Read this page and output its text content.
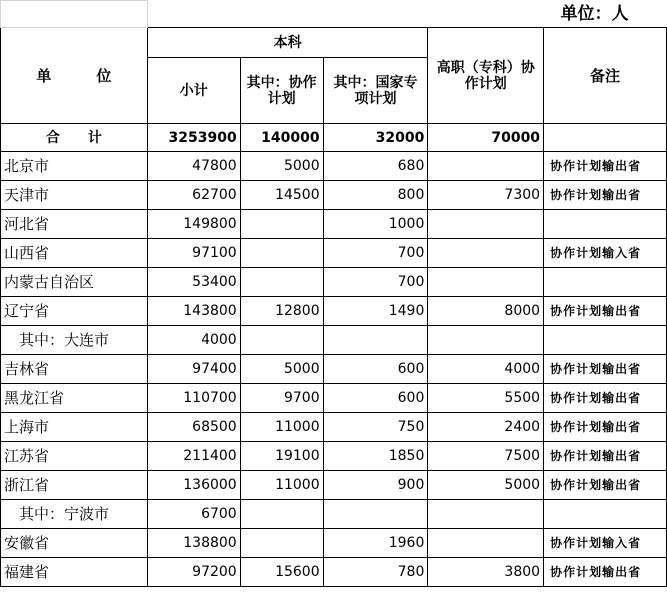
	单位：人				
单　　　位	本科			高职（专科）协作计划	备注
	小计	其中：协作计划	其中：国家专项计划		
合　　计	3253900	140000	32000	70000	
北京市	47800	5000	680		协作计划输出省
天津市	62700	14500	800	7300	协作计划输出省
河北省	149800		1000		
山西省	97100		700		协作计划输入省
内蒙古自治区	53400		700		
辽宁省	143800	12800	1490	8000	协作计划输出省
　其中：大连市	4000				
吉林省	97400	5000	600	4000	协作计划输出省
黑龙江省	110700	9700	600	5500	协作计划输出省
上海市	68500	11000	750	2400	协作计划输出省
江苏省	211400	19100	1850	7500	协作计划输出省
浙江省	136000	11000	900	5000	协作计划输出省
　其中：宁波市	6700				
安徽省	138800		1960		协作计划输入省
福建省	97200	15600	780	3800	协作计划输出省
